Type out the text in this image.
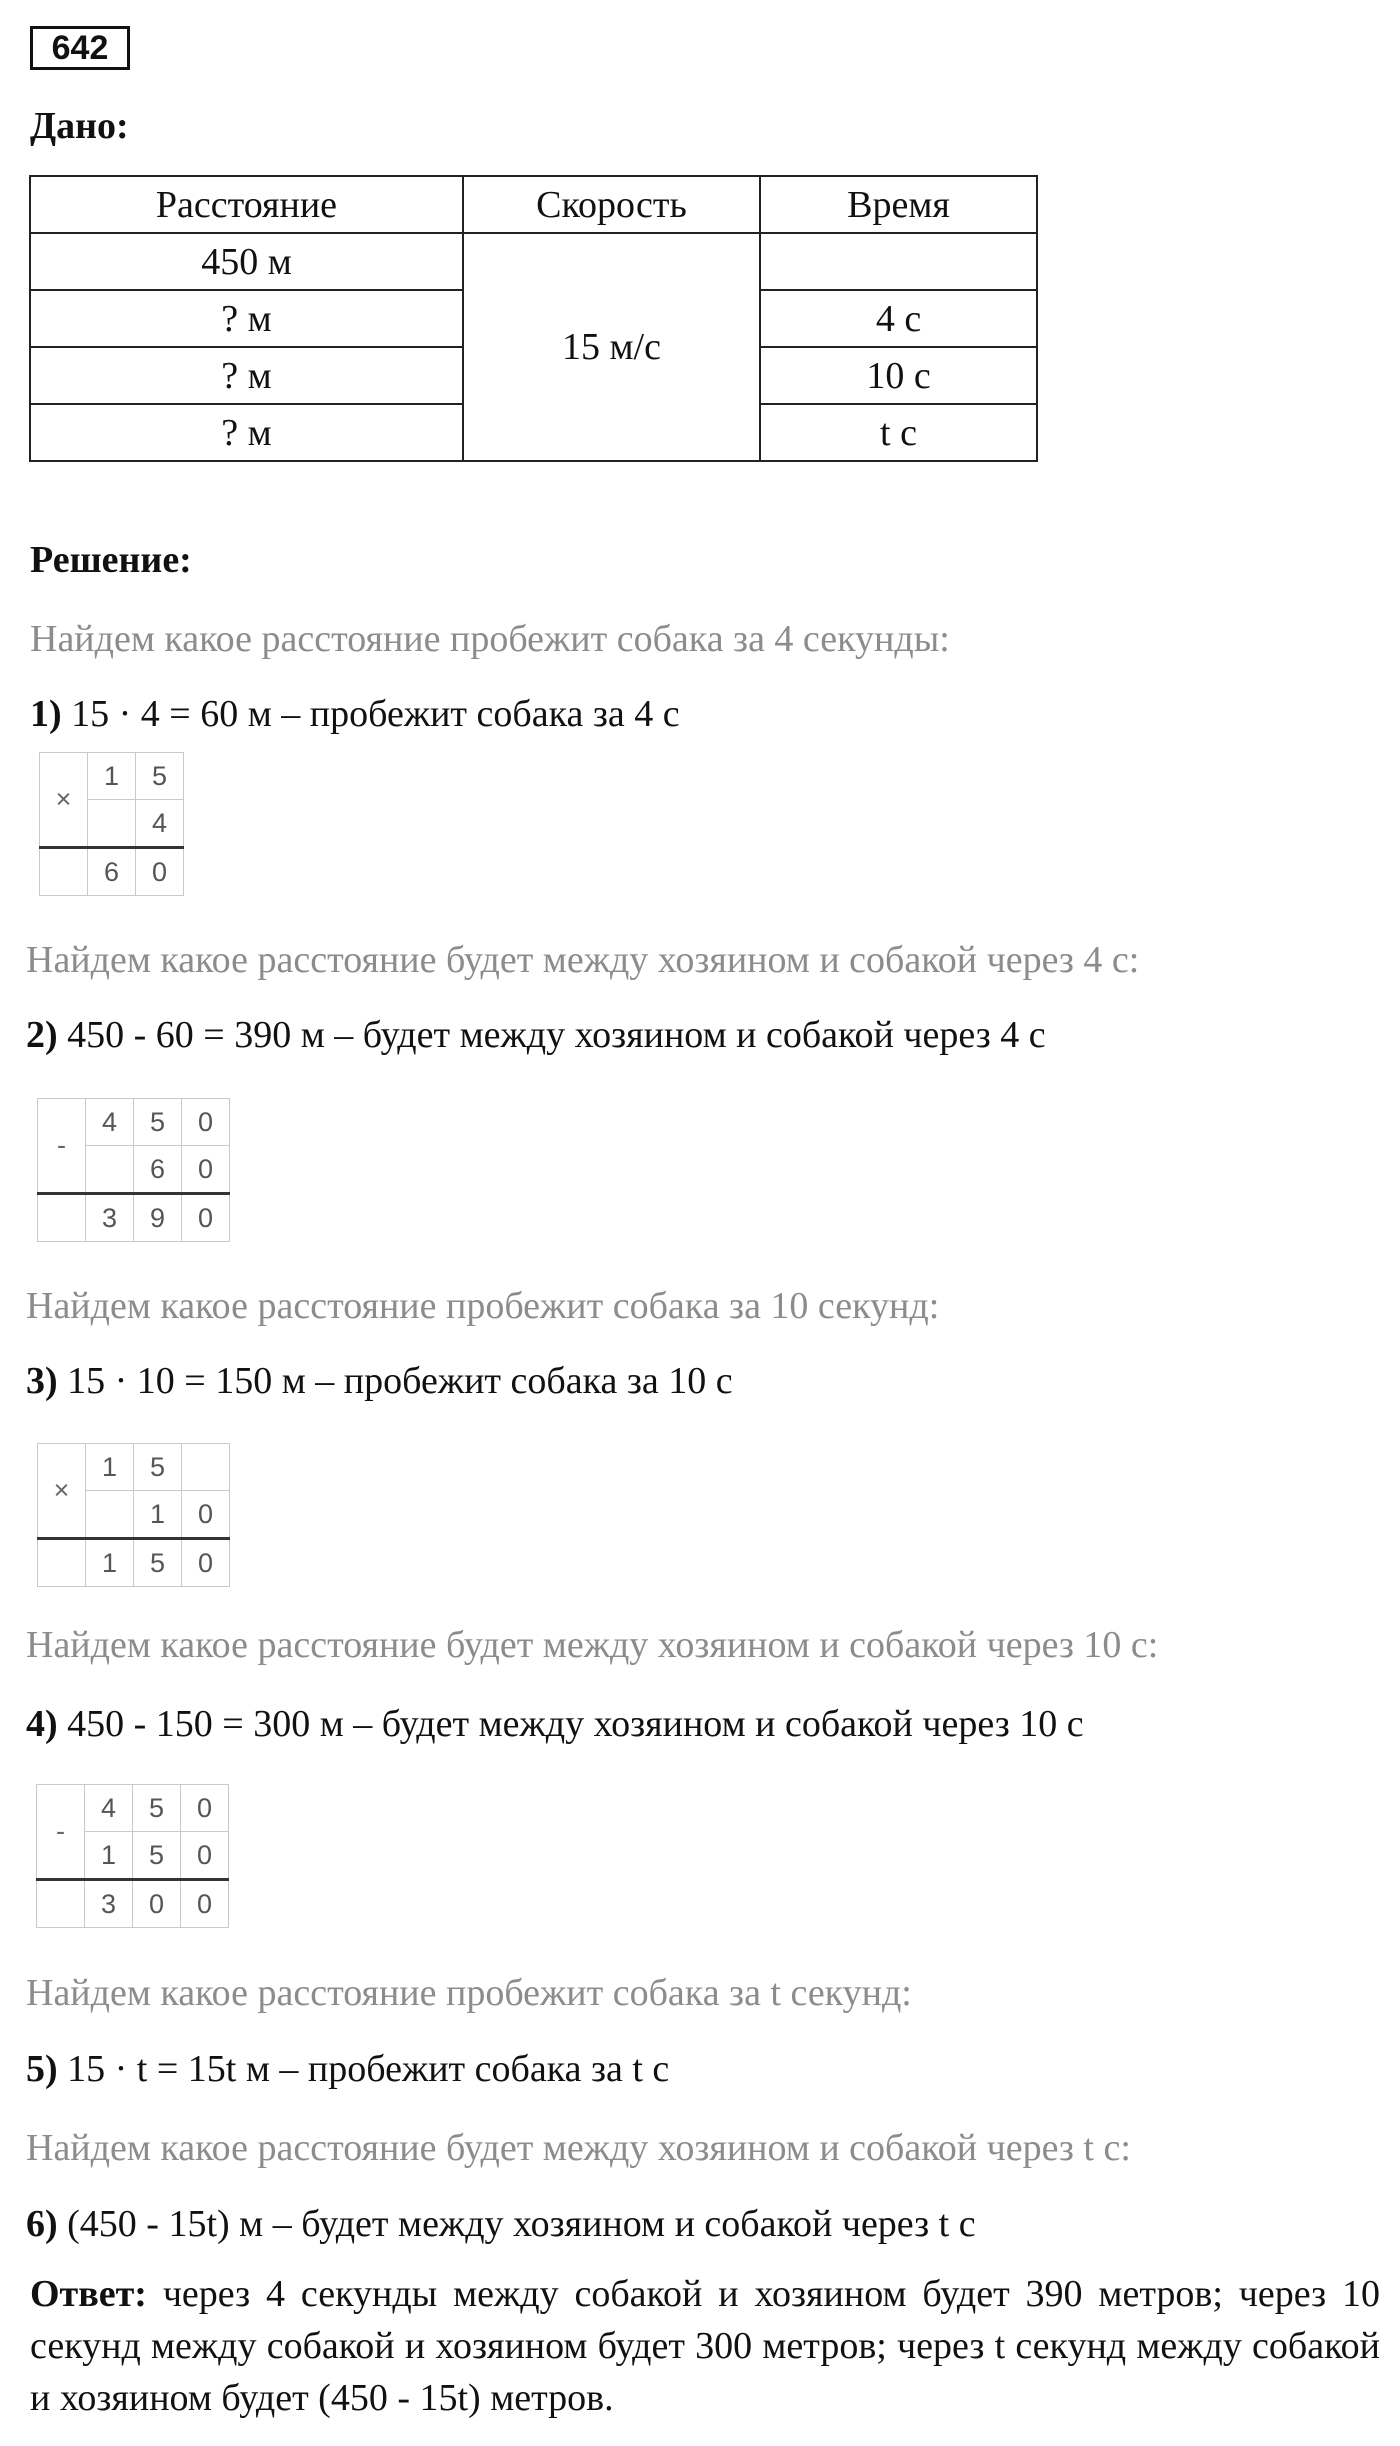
642
Дано:
Расстояние	Скорость	Время
450 м	15 м/с	
? м		4 с
? м		10 с
? м		t с
Решение:
Найдем какое расстояние пробежит собака за 4 секунды:
1) 15 · 4 = 60 м – пробежит собака за 4 с
×	1	5
		4
	6	0
Найдем какое расстояние будет между хозяином и собакой через 4 с:
2) 450 - 60 = 390 м – будет между хозяином и собакой через 4 с
-	4	5	0
		6	0
	3	9	0
Найдем какое расстояние пробежит собака за 10 секунд:
3) 15 · 10 = 150 м – пробежит собака за 10 с
×	1	5	
		1	0
	1	5	0
Найдем какое расстояние будет между хозяином и собакой через 10 с:
4) 450 - 150 = 300 м – будет между хозяином и собакой через 10 с
-	4	5	0
	1	5	0
	3	0	0
Найдем какое расстояние пробежит собака за t секунд:
5) 15 · t = 15t м – пробежит собака за t с
Найдем какое расстояние будет между хозяином и собакой через t с:
6) (450 - 15t) м – будет между хозяином и собакой через t с
Ответ: через 4 секунды между собакой и хозяином будет 390 метров; через 10 секунд между собакой и хозяином будет 300 метров; через t секунд между собакой и хозяином будет (450 - 15t) метров.
